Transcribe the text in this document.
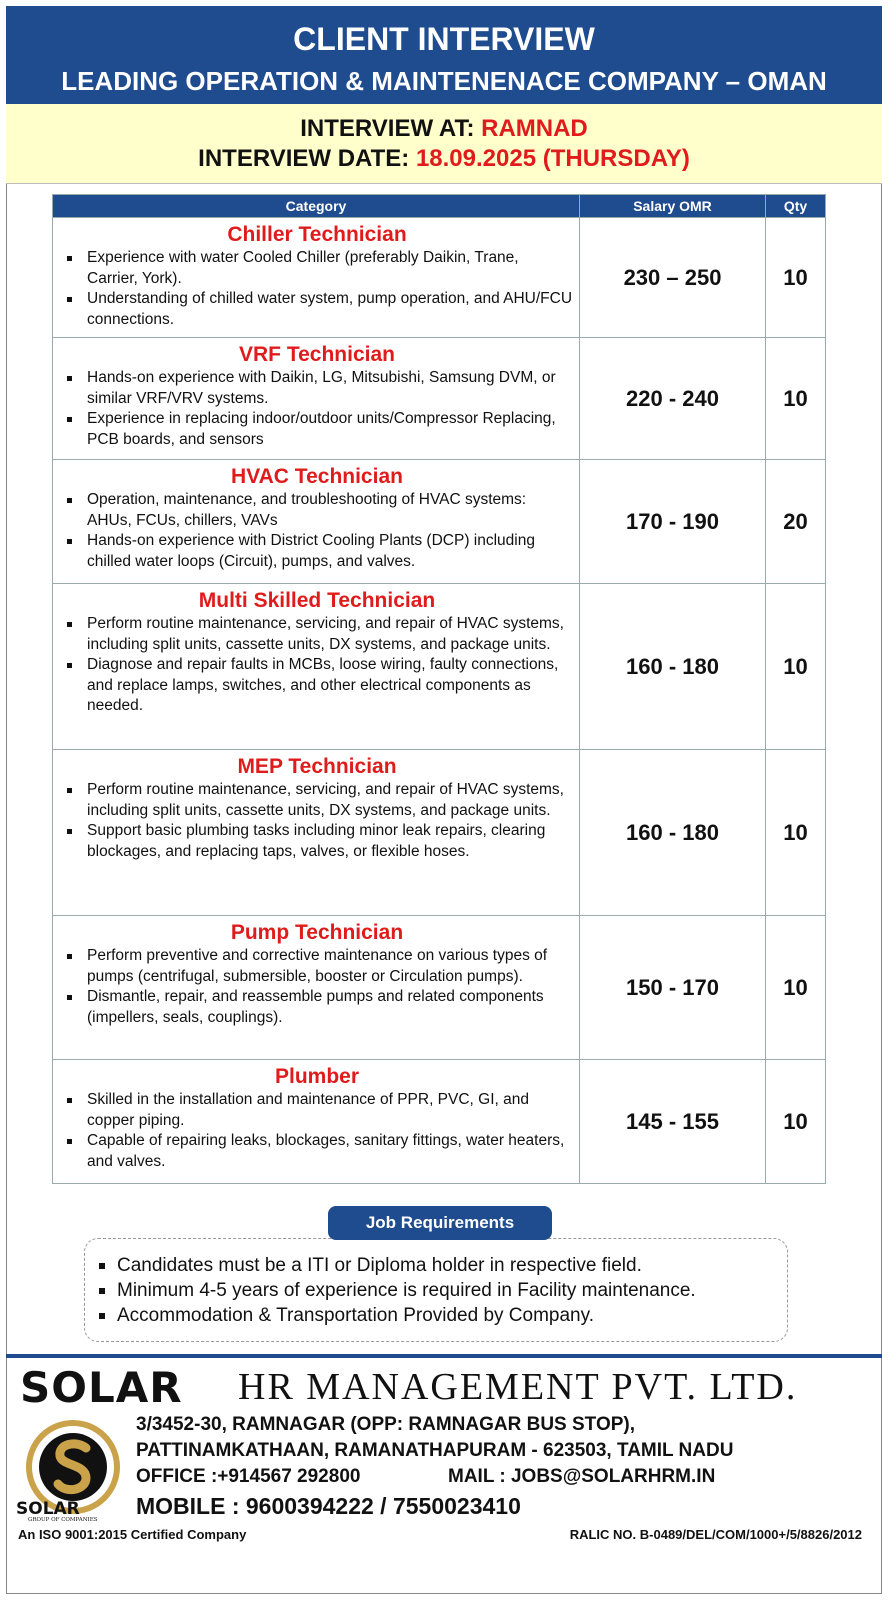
CLIENT INTERVIEW
LEADING OPERATION & MAINTENENACE COMPANY – OMAN
INTERVIEW AT: RAMNAD
INTERVIEW DATE: 18.09.2025 (THURSDAY)
Category	Salary OMR	Qty
Chiller Technician
Experience with water Cooled Chiller (preferably Daikin, Trane, Carrier, York).
Understanding of chilled water system, pump operation, and AHU/FCU connections.
230 – 250	10
VRF Technician
Hands-on experience with Daikin, LG, Mitsubishi, Samsung DVM, or similar VRF/VRV systems.
Experience in replacing indoor/outdoor units/Compressor Replacing, PCB boards, and sensors
220 - 240	10
HVAC Technician
Operation, maintenance, and troubleshooting of HVAC systems: AHUs, FCUs, chillers, VAVs
Hands-on experience with District Cooling Plants (DCP) including chilled water loops (Circuit), pumps, and valves.
170 - 190	20
Multi Skilled Technician
Perform routine maintenance, servicing, and repair of HVAC systems, including split units, cassette units, DX systems, and package units.
Diagnose and repair faults in MCBs, loose wiring, faulty connections, and replace lamps, switches, and other electrical components as needed.
160 - 180	10
MEP Technician
Perform routine maintenance, servicing, and repair of HVAC systems, including split units, cassette units, DX systems, and package units.
Support basic plumbing tasks including minor leak repairs, clearing blockages, and replacing taps, valves, or flexible hoses.
160 - 180	10
Pump Technician
Perform preventive and corrective maintenance on various types of pumps (centrifugal, submersible, booster or Circulation pumps).
Dismantle, repair, and reassemble pumps and related components (impellers, seals, couplings).
150 - 170	10
Plumber
Skilled in the installation and maintenance of PPR, PVC, GI, and copper piping.
Capable of repairing leaks, blockages, sanitary fittings, water heaters, and valves.
145 - 155	10
Job Requirements
Candidates must be a ITI or Diploma holder in respective field.
Minimum 4-5 years of experience is required in Facility maintenance.
Accommodation & Transportation Provided by Company.
SOLAR HR MANAGEMENT PVT. LTD.
SOLAR
GROUP OF COMPANIES
3/3452-30, RAMNAGAR (OPP: RAMNAGAR BUS STOP),
PATTINAMKATHAAN, RAMANATHAPURAM - 623503, TAMIL NADU
OFFICE :+914567 292800	MAIL : JOBS@SOLARHRM.IN
MOBILE : 9600394222 / 7550023410
An ISO 9001:2015 Certified Company	RALIC NO. B-0489/DEL/COM/1000+/5/8826/2012
